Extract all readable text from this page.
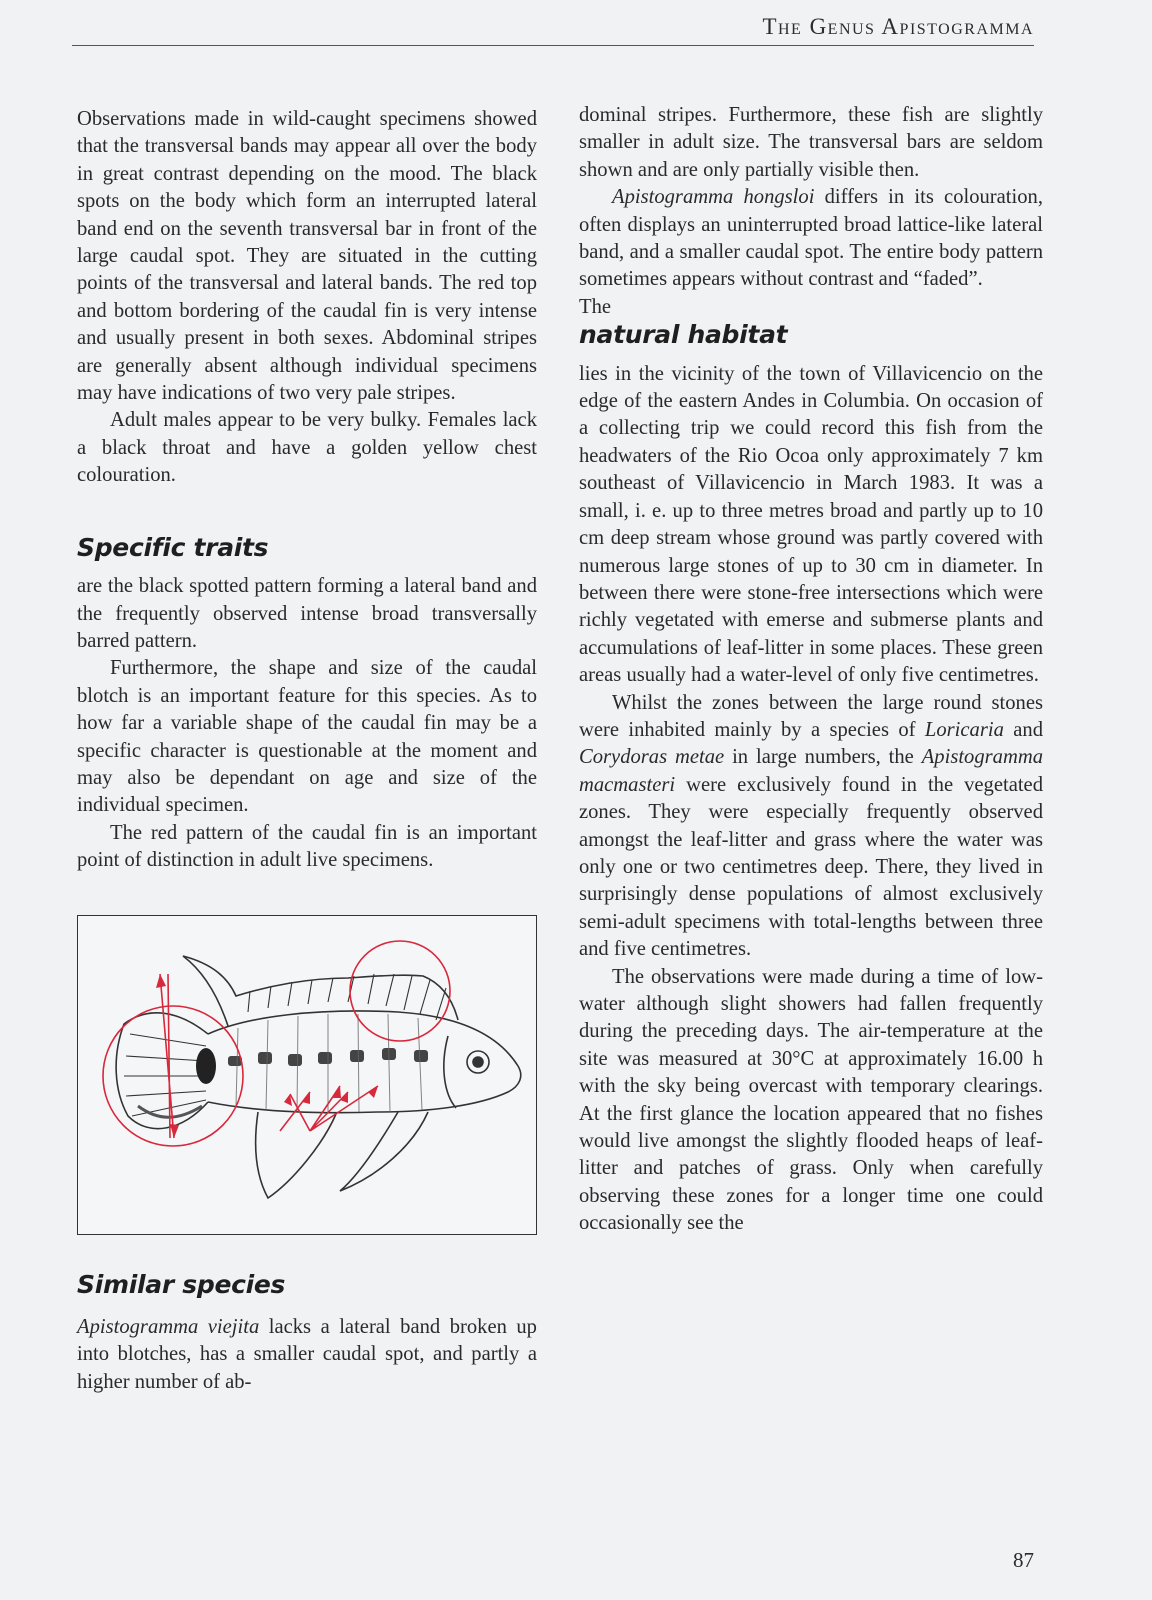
The Genus Apistogramma

Observations made in wild-caught specimens showed that the transversal bands may appear all over the body in great contrast depending on the mood. The black spots on the body which form an interrupted lateral band end on the seventh transversal bar in front of the large caudal spot. They are situated in the cutting points of the transversal and lateral bands. The red top and bottom bordering of the caudal fin is very intense and usually present in both sexes. Abdominal stripes are generally absent although individual specimens may have indications of two very pale stripes.

Adult males appear to be very bulky. Females lack a black throat and have a golden yellow chest colouration.

Specific traits

are the black spotted pattern forming a lateral band and the frequently observed intense broad transversally barred pattern.

Furthermore, the shape and size of the caudal blotch is an important feature for this species. As to how far a variable shape of the caudal fin may be a specific character is questionable at the moment and may also be dependant on age and size of the individual specimen.

The red pattern of the caudal fin is an important point of distinction in adult live specimens.

Similar species

Apistogramma viejita lacks a lateral band broken up into blotches, has a smaller caudal spot, and partly a higher number of ab-

dominal stripes. Furthermore, these fish are slightly smaller in adult size. The transversal bars are seldom shown and are only partially visible then.

Apistogramma hongsloi differs in its colouration, often displays an uninterrupted broad lattice-like lateral band, and a smaller caudal spot. The entire body pattern sometimes appears without contrast and “faded”.

The

natural habitat

lies in the vicinity of the town of Villavicencio on the edge of the eastern Andes in Columbia. On occasion of a collecting trip we could record this fish from the headwaters of the Rio Ocoa only approximately 7 km southeast of Villavicencio in March 1983. It was a small, i. e. up to three metres broad and partly up to 10 cm deep stream whose ground was partly covered with numerous large stones of up to 30 cm in diameter. In between there were stone-free intersections which were richly vegetated with emerse and submerse plants and accumulations of leaf-litter in some places. These green areas usually had a water-level of only five centimetres.

Whilst the zones between the large round stones were inhabited mainly by a species of Loricaria and Corydoras metae in large numbers, the Apistogramma macmasteri were exclusively found in the vegetated zones. They were especially frequently observed amongst the leaf-litter and grass where the water was only one or two centimetres deep. There, they lived in surprisingly dense populations of almost exclusively semi-adult specimens with total-lengths between three and five centimetres.

The observations were made during a time of low-water although slight showers had fallen frequently during the preceding days. The air-temperature at the site was measured at 30°C at approximately 16.00 h with the sky being overcast with temporary clearings. At the first glance the location appeared that no fishes would live amongst the slightly flooded heaps of leaf-litter and patches of grass. Only when carefully observing these zones for a longer time one could occasionally see the

87
